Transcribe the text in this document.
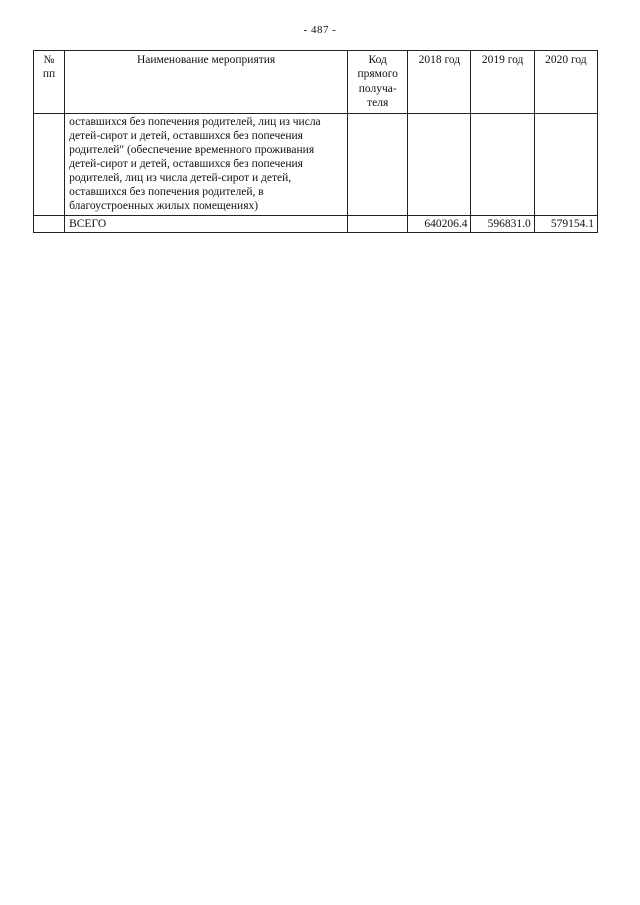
- 487 -
№ пп	Наименование мероприятия	Код прямого получа-теля	2018 год	2019 год	2020 год
	оставшихся без попечения родителей, лиц из числа детей-сирот и детей, оставшихся без попечения родителей" (обеспечение временного проживания детей-сирот и детей, оставшихся без попечения родителей, лиц из числа детей-сирот и детей, оставшихся без попечения родителей, в благоустроенных жилых помещениях)				
	ВСЕГО		640206.4	596831.0	579154.1
